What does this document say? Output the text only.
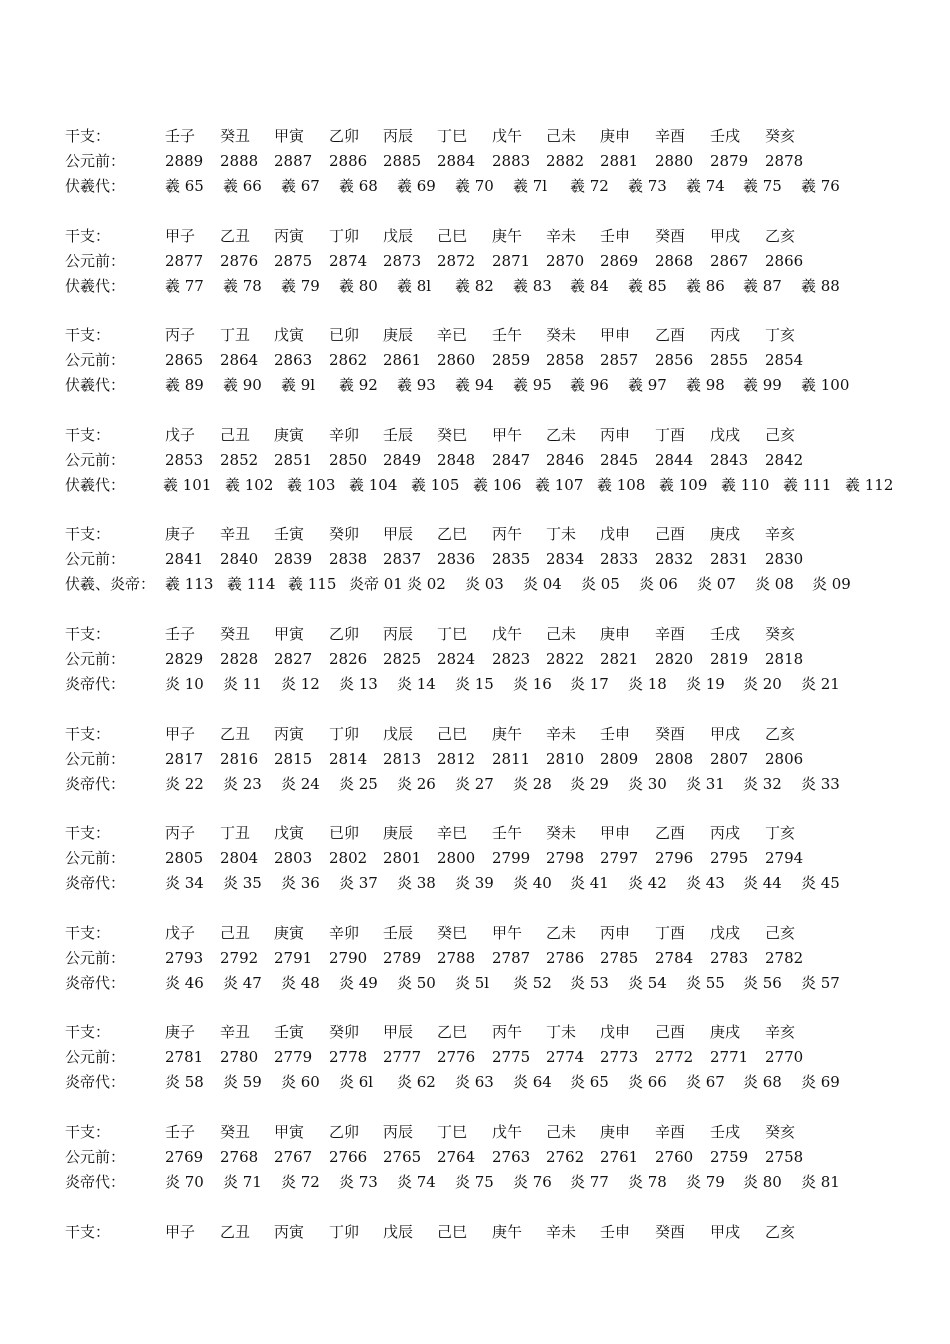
干支：	壬子 癸丑 甲寅 乙卯 丙辰 丁巳 戊午 己未 庚申 辛酉 壬戌 癸亥
公元前：	2889 2888 2887 2886 2885 2884 2883 2882 2881 2880 2879 2878
伏羲代：	羲 65 羲 66 羲 67 羲 68 羲 69 羲 70 羲 7l 羲 72 羲 73 羲 74 羲 75 羲 76
干支：	甲子 乙丑 丙寅 丁卯 戊辰 己巳 庚午 辛未 壬申 癸酉 甲戌 乙亥
公元前：	2877 2876 2875 2874 2873 2872 2871 2870 2869 2868 2867 2866
伏羲代：	羲 77 羲 78 羲 79 羲 80 羲 8l 羲 82 羲 83 羲 84 羲 85 羲 86 羲 87 羲 88
干支：	丙子 丁丑 戊寅 已卯 庚辰 辛已 壬午 癸未 甲申 乙酉 丙戌 丁亥
公元前：	2865 2864 2863 2862 2861 2860 2859 2858 2857 2856 2855 2854
伏羲代：	羲 89 羲 90 羲 9l 羲 92 羲 93 羲 94 羲 95 羲 96 羲 97 羲 98 羲 99 羲 100
干支：	戊子 己丑 庚寅 辛卯 壬辰 癸巳 甲午 乙未 丙申 丁酉 戊戌 己亥
公元前：	2853 2852 2851 2850 2849 2848 2847 2846 2845 2844 2843 2842
伏羲代：	羲 101 羲 102 羲 103 羲 104 羲 105 羲 106 羲 107 羲 108 羲 109 羲 110 羲 111 羲 112
干支：	庚子 辛丑 壬寅 癸卯 甲辰 乙巳 丙午 丁未 戊申 己酉 庚戌 辛亥
公元前：	2841 2840 2839 2838 2837 2836 2835 2834 2833 2832 2831 2830
伏羲、炎帝： 羲 113 羲 114 羲 115 炎帝 01 炎 02 炎 03 炎 04 炎 05 炎 06 炎 07 炎 08 炎 09
干支：	壬子 癸丑 甲寅 乙卯 丙辰 丁巳 戊午 己未 庚申 辛酉 壬戌 癸亥
公元前：	2829 2828 2827 2826 2825 2824 2823 2822 2821 2820 2819 2818
炎帝代：	炎 10 炎 11 炎 12 炎 13 炎 14 炎 15 炎 16 炎 17 炎 18 炎 19 炎 20 炎 21
干支：	甲子 乙丑 丙寅 丁卯 戊辰 己巳 庚午 辛未 壬申 癸酉 甲戌 乙亥
公元前：	2817 2816 2815 2814 2813 2812 2811 2810 2809 2808 2807 2806
炎帝代：	炎 22 炎 23 炎 24 炎 25 炎 26 炎 27 炎 28 炎 29 炎 30 炎 31 炎 32 炎 33
干支：	丙子 丁丑 戊寅 已卯 庚辰 辛巳 壬午 癸未 甲申 乙酉 丙戌 丁亥
公元前：	2805 2804 2803 2802 2801 2800 2799 2798 2797 2796 2795 2794
炎帝代：	炎 34 炎 35 炎 36 炎 37 炎 38 炎 39 炎 40 炎 41 炎 42 炎 43 炎 44 炎 45
干支：	戊子 己丑 庚寅 辛卯 壬辰 癸巳 甲午 乙未 丙申 丁酉 戊戌 己亥
公元前：	2793 2792 2791 2790 2789 2788 2787 2786 2785 2784 2783 2782
炎帝代：	炎 46 炎 47 炎 48 炎 49 炎 50 炎 5l 炎 52 炎 53 炎 54 炎 55 炎 56 炎 57
干支：	庚子 辛丑 壬寅 癸卯 甲辰 乙巳 丙午 丁未 戊申 己酉 庚戌 辛亥
公元前：	2781 2780 2779 2778 2777 2776 2775 2774 2773 2772 2771 2770
炎帝代：	炎 58 炎 59 炎 60 炎 6l 炎 62 炎 63 炎 64 炎 65 炎 66 炎 67 炎 68 炎 69
干支：	壬子 癸丑 甲寅 乙卯 丙辰 丁巳 戊午 己未 庚申 辛酉 壬戌 癸亥
公元前：	2769 2768 2767 2766 2765 2764 2763 2762 2761 2760 2759 2758
炎帝代：	炎 70 炎 71 炎 72 炎 73 炎 74 炎 75 炎 76 炎 77 炎 78 炎 79 炎 80 炎 81
干支：	甲子 乙丑 丙寅 丁卯 戊辰 己巳 庚午 辛未 壬申 癸酉 甲戌 乙亥
